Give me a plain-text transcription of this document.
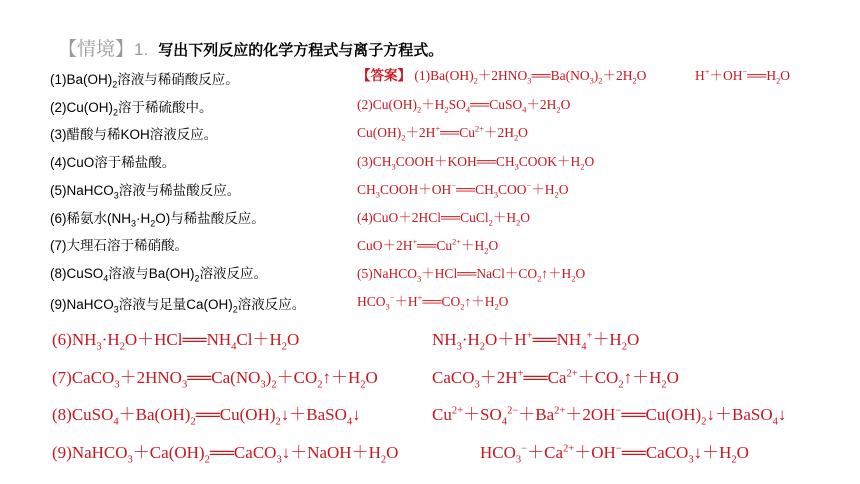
【情境】1. 写出下列反应的化学方程式与离子方程式。
$(1)Ba(OH)_2$溶液与稀硝酸反应。
$(2)Cu(OH)_2$溶于稀硫酸中。
(3)醋酸与稀KOH溶液反应。
(4)CuO溶于稀盐酸。
(5)NaHCO$_3$溶液与稀盐酸反应。
(6)稀氨水$(NH_3\cdot H_2O)$与稀盐酸反应。
(7)大理石溶于稀硝酸。
(8)CuSO$_4$溶液与$Ba(OH)_2$溶液反应。
(9)NaHCO$_3$溶液与足量$Ca(OH)_2$溶液反应。
【答案】 $(1)Ba(OH)_2+2HNO_3══Ba(NO_3)_2+2H_2O$	$H^++OH^-══H_2O$
$(2)Cu(OH)_2+H_2SO_4══CuSO_4+2H_2O$
$Cu(OH)_2+2H^+══Cu^{2+}+2H_2O$
$(3)CH_3COOH+KOH══CH_3COOK+H_2O$
$CH_3COOH+OH^-══CH_3COO^-+H_2O$
$(4)CuO+2HCl══CuCl_2+H_2O$
$CuO+2H^+══Cu^{2+}+H_2O$
$(5)NaHCO_3+HCl══NaCl+CO_2↑+H_2O$
$HCO_3^-+H^+══CO_2↑+H_2O$
$(6)NH_3\cdot H_2O+HCl══NH_4Cl+H_2O$	$NH_3\cdot H_2O+H^+══NH_4^++H_2O$
$(7)CaCO_3+2HNO_3══Ca(NO_3)_2+CO_2↑+H_2O$	$CaCO_3+2H^+══Ca^{2+}+CO_2↑+H_2O$
$(8)CuSO_4+Ba(OH)_2══Cu(OH)_2↓+BaSO_4↓$	$Cu^{2+}+SO_4^{2-}+Ba^{2+}+2OH^-══Cu(OH)_2↓+BaSO_4↓$
$(9)NaHCO_3+Ca(OH)_2══CaCO_3↓+NaOH+H_2O$	$HCO_3^-+Ca^{2+}+OH^-══CaCO_3↓+H_2O$
